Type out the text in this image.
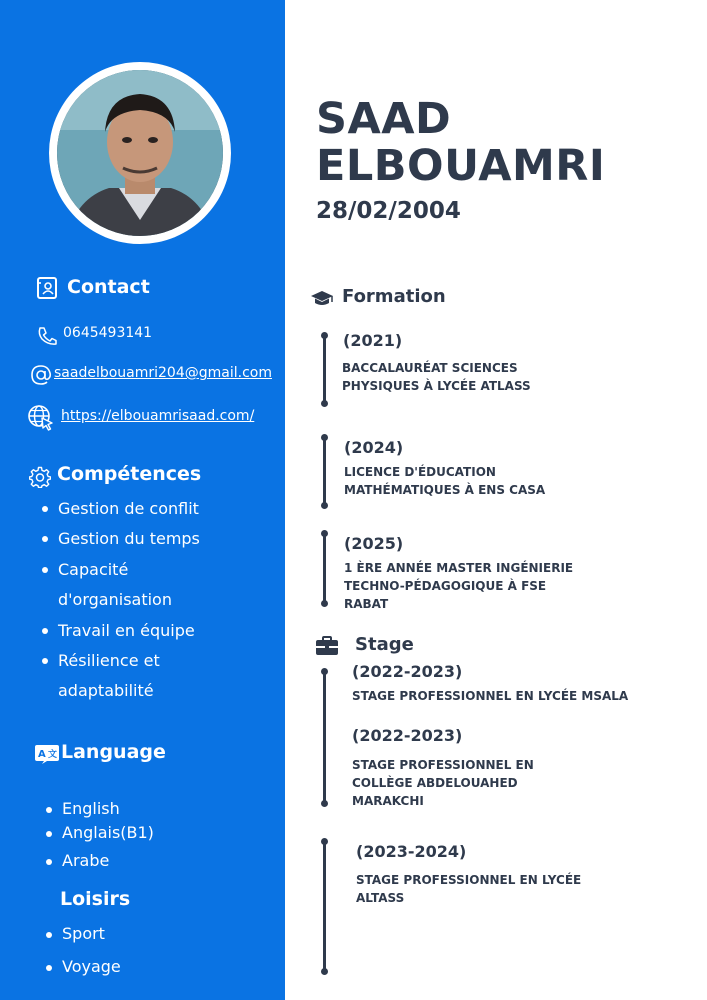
Contact
0645493141
saadelbouamri204@gmail.com
https://elbouamrisaad.com/
Compétences
Gestion de conflit
Gestion du temps
Capacité d'organisation
Travail en équipe
Résilience et adaptabilité
A 文 Language
English
Anglais(B1)
Arabe
Loisirs
Sport
Voyage
SAAD
ELBOUAMRI
28/02/2004
Formation
(2021)
BACCALAURÉAT SCIENCES PHYSIQUES À LYCÉE ATLASS
(2024)
LICENCE D'ÉDUCATION MATHÉMATIQUES À ENS CASA
(2025)
1 ÈRE ANNÉE MASTER INGÉNIERIE TECHNO-PÉDAGOGIQUE À FSE RABAT
Stage
(2022-2023)
STAGE PROFESSIONNEL EN LYCÉE MSALA
(2022-2023)
STAGE PROFESSIONNEL EN COLLÈGE ABDELOUAHED MARAKCHI
(2023-2024)
STAGE PROFESSIONNEL EN LYCÉE ALTASS
